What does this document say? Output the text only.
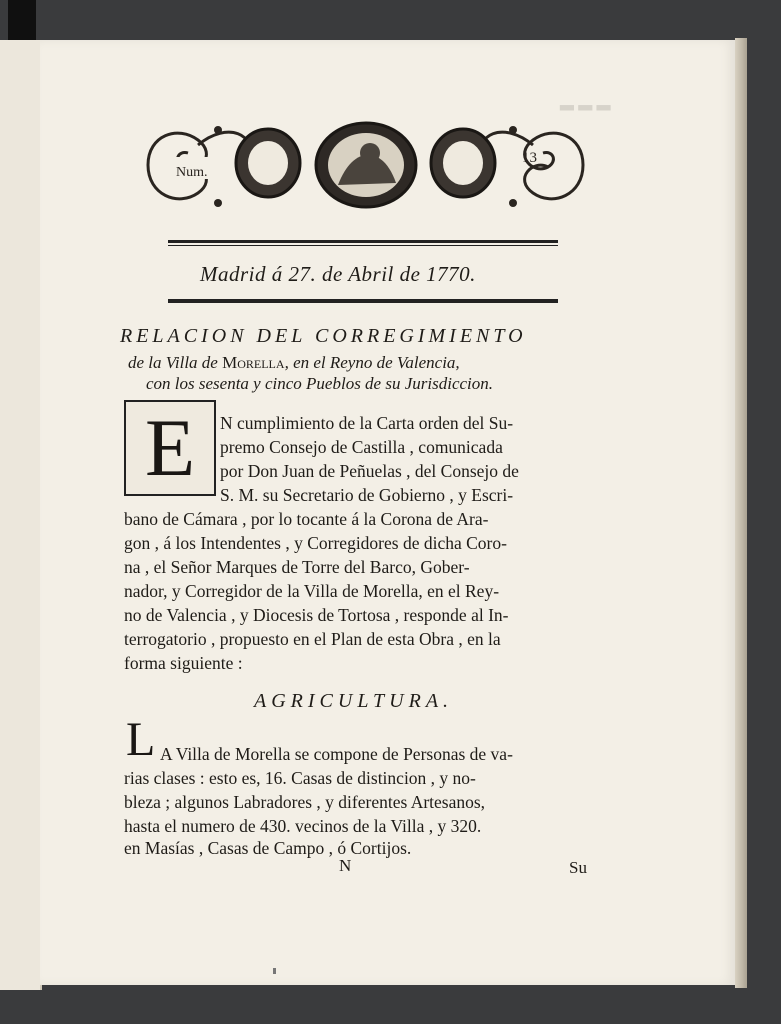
▂ ▂ ▂
Num.
13
Madrid á 27. de Abril de 1770.
RELACION DEL CORREGIMIENTO
de la Villa de Morella, en el Reyno de Valencia,
con los sesenta y cinco Pueblos de su Jurisdiccion.
E	N cumplimiento de la Carta orden del Su-
premo Consejo de Castilla , comunicada
por Don Juan de Peñuelas , del Consejo de
S. M. su Secretario de Gobierno , y Escri-
bano de Cámara , por lo tocante á la Corona de Ara-
gon , á los Intendentes , y Corregidores de dicha Coro-
na , el Señor Marques de Torre del Barco, Gober-
nador, y Corregidor de la Villa de Morella, en el Rey-
no de Valencia , y Diocesis de Tortosa , responde al In-
terrogatorio , propuesto en el Plan de esta Obra , en la
forma siguiente :
AGRICULTURA.
L A Villa de Morella se compone de Personas de va-
rias clases : esto es, 16. Casas de distincion , y no-
bleza ; algunos Labradores , y diferentes Artesanos,
hasta el numero de 430. vecinos de la Villa , y 320.
en Masías , Casas de Campo , ó Cortijos.
N	Su
